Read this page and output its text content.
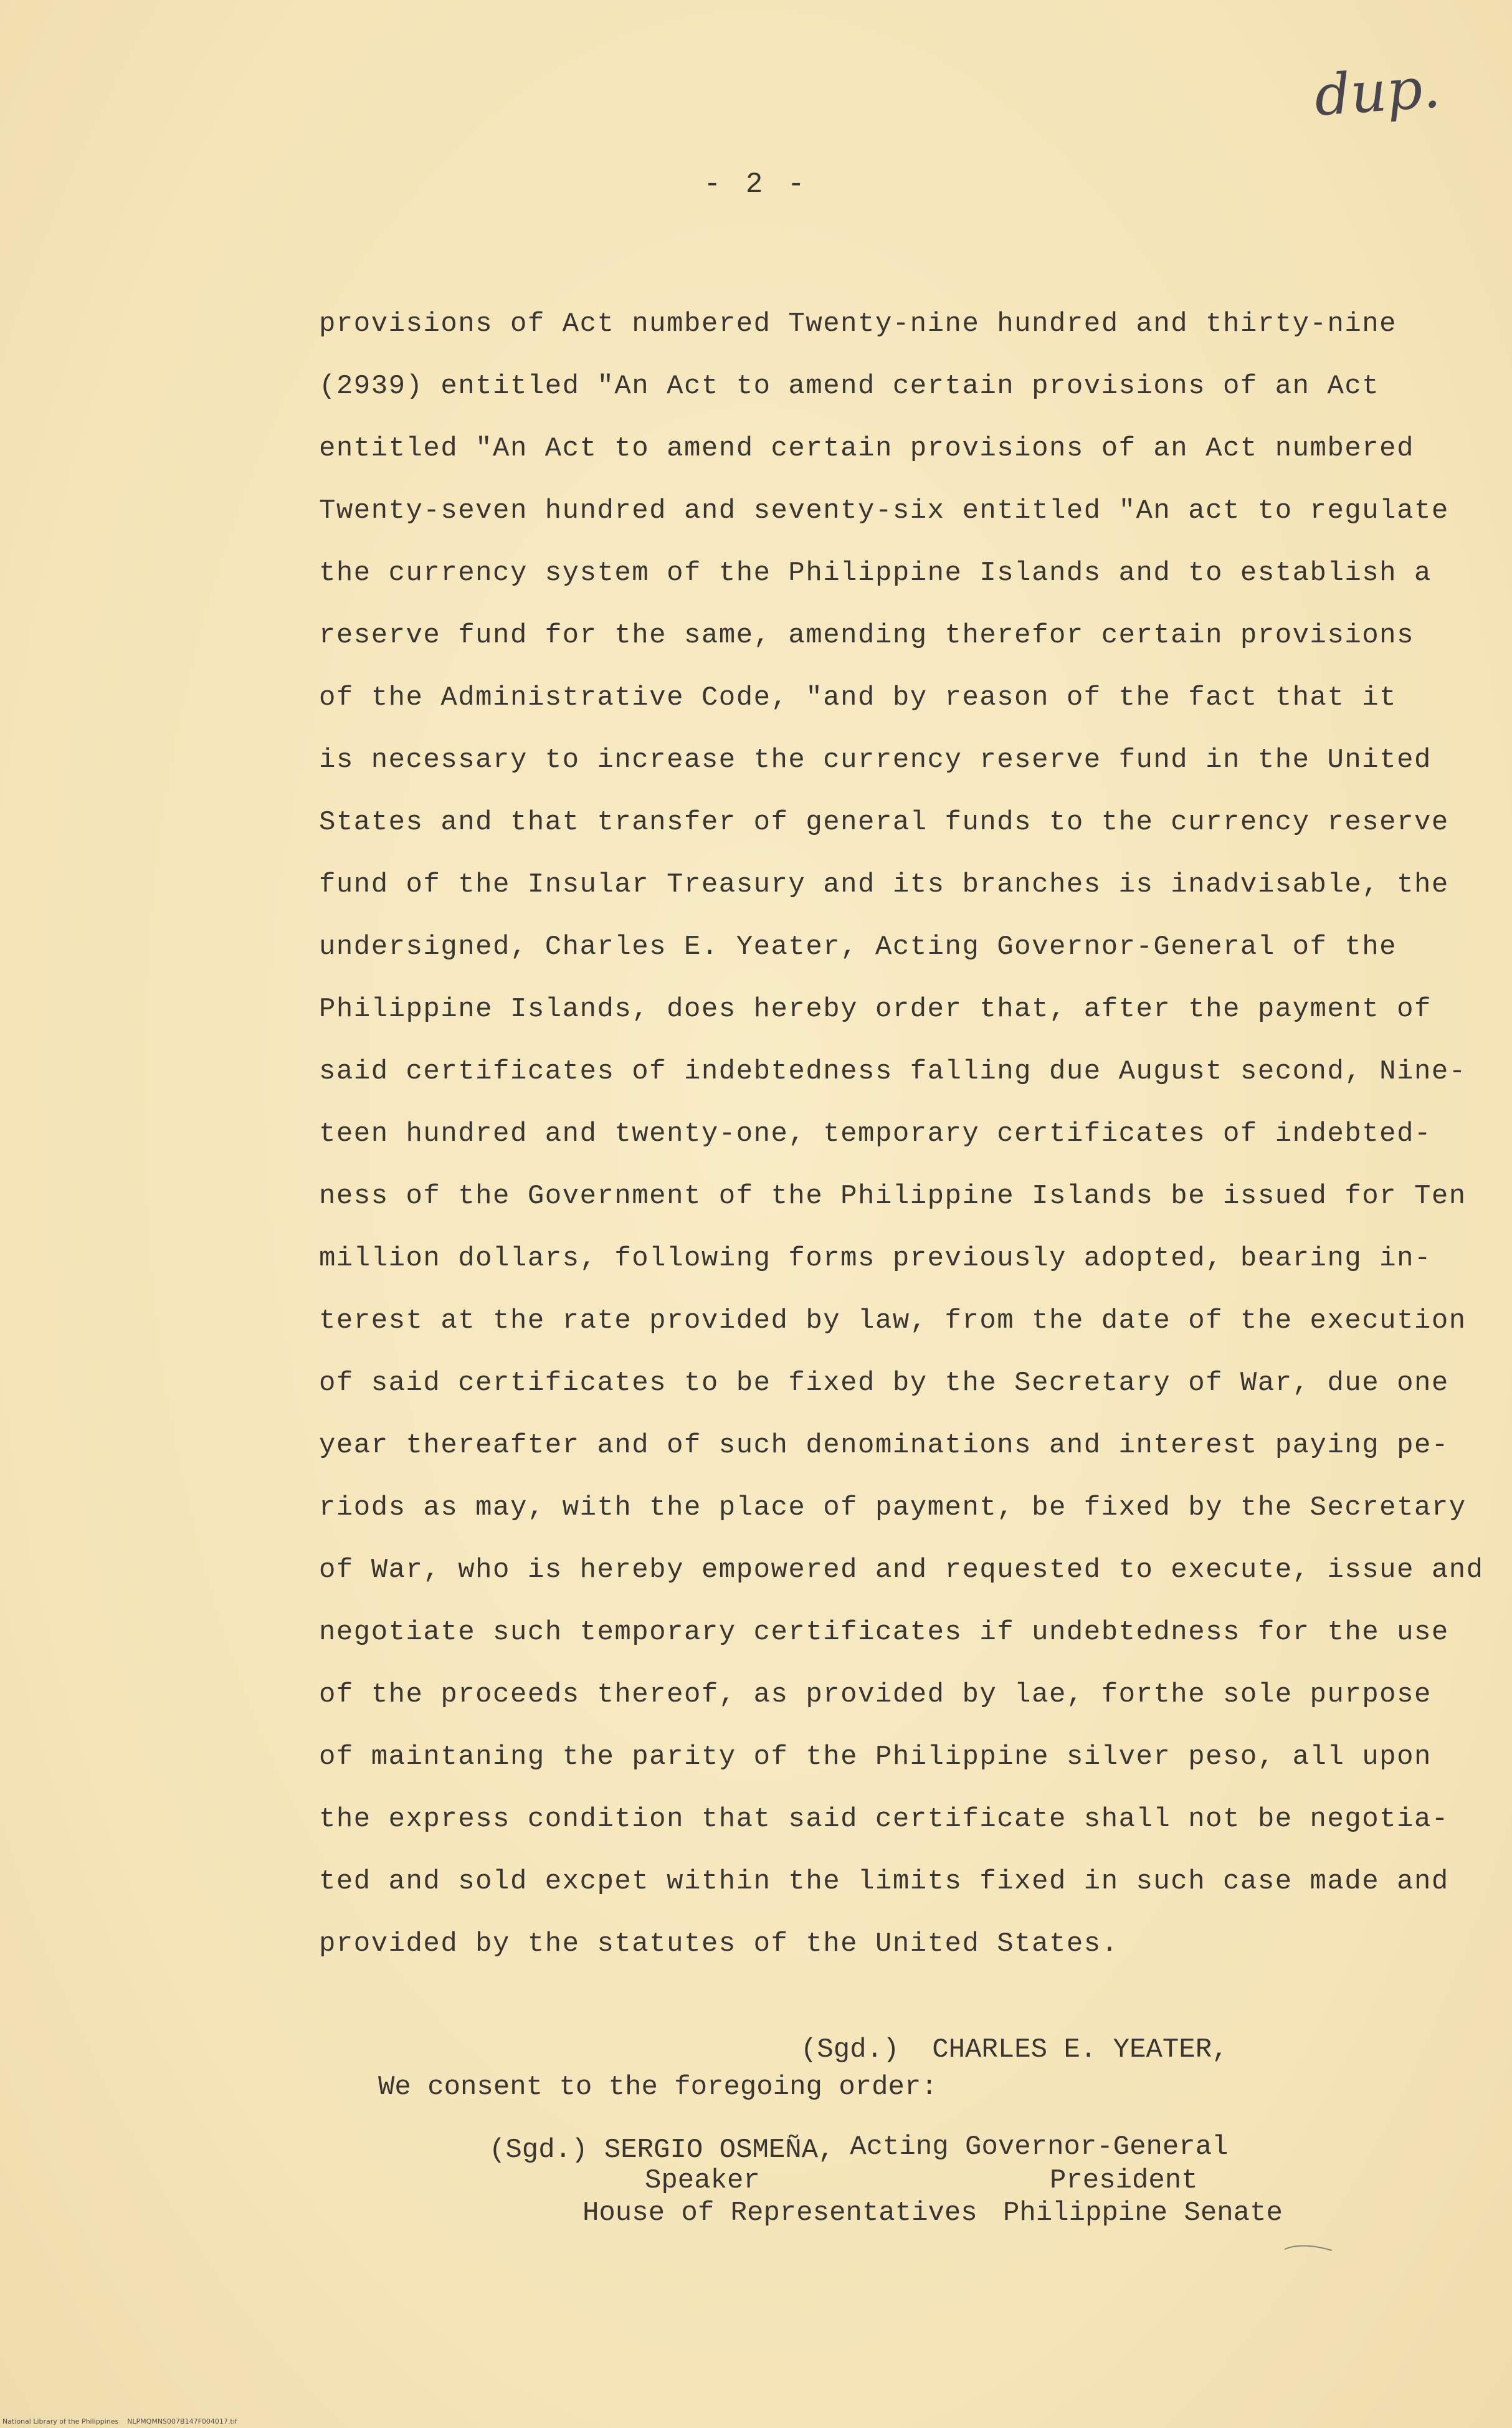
dup.
- 2 -
provisions of Act numbered Twenty-nine hundred and thirty-nine
(2939) entitled "An Act to amend certain provisions of an Act
entitled "An Act to amend certain provisions of an Act numbered
Twenty-seven hundred and seventy-six entitled "An act to regulate
the currency system of the Philippine Islands and to establish a
reserve fund for the same, amending therefor certain provisions
of the Administrative Code, "and by reason of the fact that it
is necessary to increase the currency reserve fund in the United
States and that transfer of general funds to the currency reserve
fund of the Insular Treasury and its branches is inadvisable, the
undersigned, Charles E. Yeater, Acting Governor-General of the
Philippine Islands, does hereby order that, after the payment of
said certificates of indebtedness falling due August second, Nine-
teen hundred and twenty-one, temporary certificates of indebted-
ness of the Government of the Philippine Islands be issued for Ten
million dollars, following forms previously adopted, bearing in-
terest at the rate provided by law, from the date of the execution
of said certificates to be fixed by the Secretary of War, due one
year thereafter and of such denominations and interest paying pe-
riods as may, with the place of payment, be fixed by the Secretary
of War, who is hereby empowered and requested to execute, issue and
negotiate such temporary certificates if undebtedness for the use
of the proceeds thereof, as provided by lae, forthe sole purpose
of maintaning the parity of the Philippine silver peso, all upon
the express condition that said certificate shall not be negotia-
ted and sold excpet within the limits fixed in such case made and
provided by the statutes of the United States.

(Sgd.)  CHARLES E. YEATER,

Acting Governor-General

We consent to the foregoing order:
(Sgd.) SERGIO OSMEÑA,
Speaker
House of Representatives
President
Philippine Senate
National Library of the Philippines    NLPMQMNS007B147F004017.tif
